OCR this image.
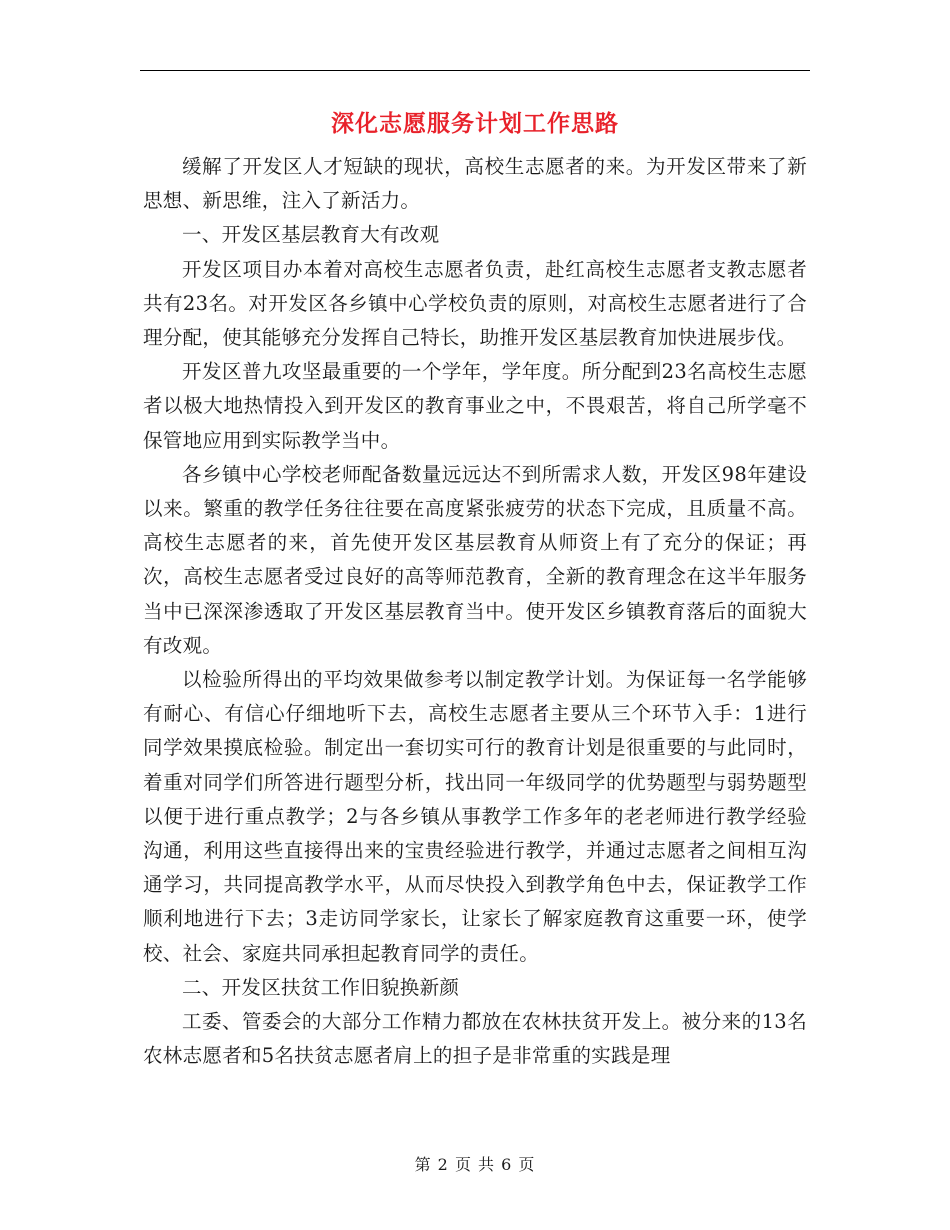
深化志愿服务计划工作思路

缓解了开发区人才短缺的现状，高校生志愿者的来。为开发区带来了新思想、新思维，注入了新活力。

一、开发区基层教育大有改观

开发区项目办本着对高校生志愿者负责，赴红高校生志愿者支教志愿者共有23名。对开发区各乡镇中心学校负责的原则，对高校生志愿者进行了合理分配，使其能够充分发挥自己特长，助推开发区基层教育加快进展步伐。

开发区普九攻坚最重要的一个学年，学年度。所分配到23名高校生志愿者以极大地热情投入到开发区的教育事业之中，不畏艰苦，将自己所学毫不保管地应用到实际教学当中。

各乡镇中心学校老师配备数量远远达不到所需求人数，开发区98年建设以来。繁重的教学任务往往要在高度紧张疲劳的状态下完成，且质量不高。高校生志愿者的来，首先使开发区基层教育从师资上有了充分的保证；再次，高校生志愿者受过良好的高等师范教育，全新的教育理念在这半年服务当中已深深渗透取了开发区基层教育当中。使开发区乡镇教育落后的面貌大有改观。

以检验所得出的平均效果做参考以制定教学计划。为保证每一名学能够有耐心、有信心仔细地听下去，高校生志愿者主要从三个环节入手：1进行同学效果摸底检验。制定出一套切实可行的教育计划是很重要的与此同时，着重对同学们所答进行题型分析，找出同一年级同学的优势题型与弱势题型以便于进行重点教学；2与各乡镇从事教学工作多年的老老师进行教学经验沟通，利用这些直接得出来的宝贵经验进行教学，并通过志愿者之间相互沟通学习，共同提高教学水平，从而尽快投入到教学角色中去，保证教学工作顺利地进行下去；3走访同学家长，让家长了解家庭教育这重要一环，使学校、社会、家庭共同承担起教育同学的责任。

二、开发区扶贫工作旧貌换新颜

工委、管委会的大部分工作精力都放在农林扶贫开发上。被分来的13名农林志愿者和5名扶贫志愿者肩上的担子是非常重的实践是理

第 2 页 共 6 页
